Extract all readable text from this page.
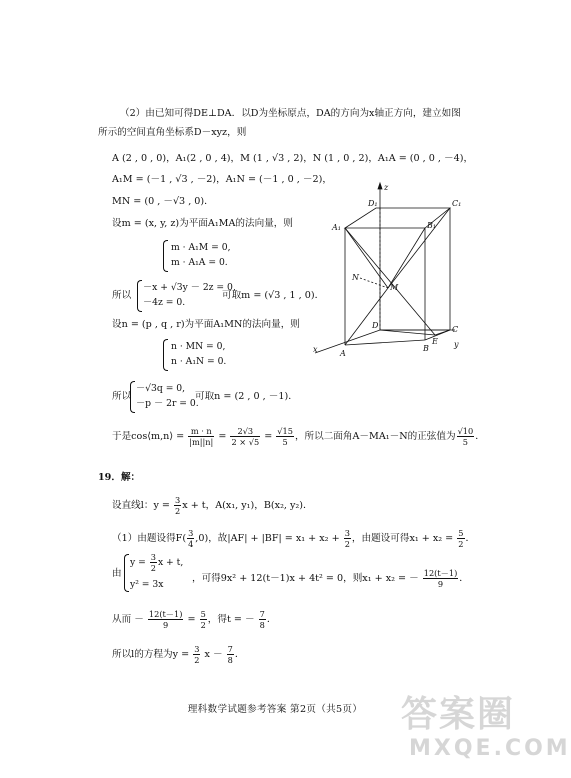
（2）由已知可得DE⊥DA．以D为坐标原点，DA的方向为x轴正方向，建立如图
所示的空间直角坐标系D－xyz，则
A (2 , 0 , 0)，A₁(2 , 0 , 4)，M (1 , √3 , 2)，N (1 , 0 , 2)，A₁A = (0 , 0 , －4)，
A₁M = (－1 , √3 , －2)，A₁N = (－1 , 0 , －2)，
MN = (0 , －√3 , 0)．
设m = (x, y, z)为平面A₁MA的法向量，则
m · A₁M = 0,
m · A₁A = 0.
所以
－x + √3y － 2z = 0,
－4z = 0.
可取m = (√3 , 1 , 0)．
设n = (p , q , r)为平面A₁MN的法向量，则
n · MN = 0,
n · A₁N = 0.
所以
－√3q = 0,
－p － 2r = 0.
可取n = (2 , 0 , －1)．
于是cos⟨m,n⟩ = $\frac{m \cdot n}{|m||n|} = \frac{2√3}{2 \times √5} = \frac{√15}{5}$ ，所以二面角A－MA₁－N的正弦值为 $\frac{√10}{5}$ ．
z
D₁	C₁
A₁	B₁
N
M
D	C
E
A
B
x
y
19．解：
设直线l：$y = \frac{3}{2}$ x + t，A(x₁, y₁)，B(x₂, y₂)．
（1）由题设得$F( \frac{3}{4} ,0)$，故$|AF| + |BF| = x_1 + x_2 + \frac{3}{2}$ ，由题设可得$x_1 + x_2 = \frac{5}{2}$ ．
由
$y = \frac{3}{2}$ x + t,
y² = 3x
，可得9x² + 12(t－1)x + 4t² = 0，则x₁ + x₂ = － $\frac{12(t-1)}{9}$ ．
从而 － $\frac{12(t-1)}{9} = \frac{5}{2}$ ，得t = － $\frac{7}{8}$ ．
所以l的方程为$y = \frac{3}{2}$ $x - \frac{7}{8}$ ．
理科数学试题参考答案 第2页（共5页）	答案圈
MXQE.COM
